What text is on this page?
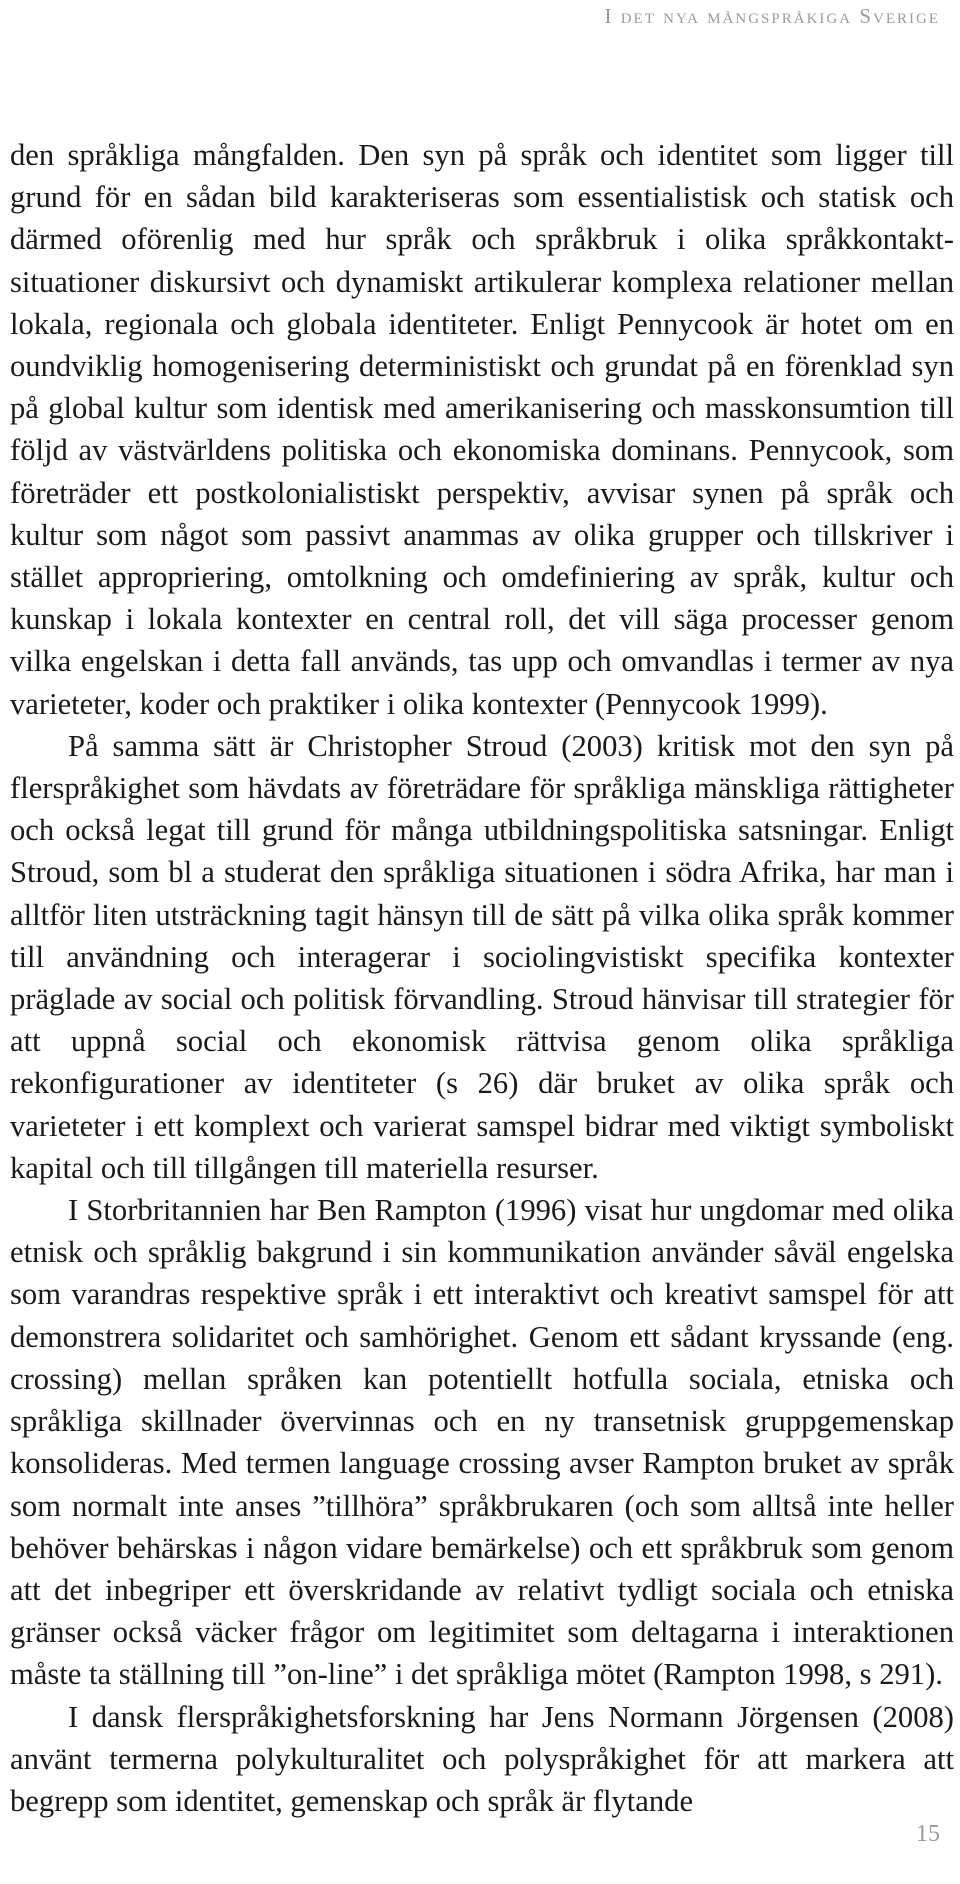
I det nya mångspråkiga Sverige

den språkliga mångfalden. Den syn på språk och identitet som ligger till grund för en sådan bild karakteriseras som essentialistisk och statisk och därmed oförenlig med hur språk och språkbruk i olika språkkontaktsituationer diskursivt och dynamiskt artikulerar komplexa relationer mellan lokala, regionala och globala identiteter. Enligt Pennycook är hotet om en oundviklig homogenisering deterministiskt och grundat på en förenklad syn på global kultur som identisk med amerikanisering och masskonsumtion till följd av västvärldens politiska och ekonomiska dominans. Pennycook, som företräder ett postkolonialistiskt perspektiv, avvisar synen på språk och kultur som något som passivt anammas av olika grupper och tillskriver i stället appropriering, omtolkning och omdefiniering av språk, kultur och kunskap i lokala kontexter en central roll, det vill säga processer genom vilka engelskan i detta fall används, tas upp och omvandlas i termer av nya varieteter, koder och praktiker i olika kontexter (Pennycook 1999).

På samma sätt är Christopher Stroud (2003) kritisk mot den syn på flerspråkighet som hävdats av företrädare för språkliga mänskliga rättigheter och också legat till grund för många utbildningspolitiska satsningar. Enligt Stroud, som bl a studerat den språkliga situationen i södra Afrika, har man i alltför liten utsträckning tagit hänsyn till de sätt på vilka olika språk kommer till användning och interagerar i sociolingvistiskt specifika kontexter präglade av social och politisk förvandling. Stroud hänvisar till strategier för att uppnå social och ekonomisk rättvisa genom olika språkliga rekonfigurationer av identiteter (s 26) där bruket av olika språk och varieteter i ett komplext och varierat samspel bidrar med viktigt symboliskt kapital och till tillgången till materiella resurser.

I Storbritannien har Ben Rampton (1996) visat hur ungdomar med olika etnisk och språklig bakgrund i sin kommunikation använder såväl engelska som varandras respektive språk i ett interaktivt och kreativt samspel för att demonstrera solidaritet och samhörighet. Genom ett sådant kryssande (eng. crossing) mellan språken kan potentiellt hotfulla sociala, etniska och språkliga skillnader övervinnas och en ny transetnisk gruppgemenskap konsolideras. Med termen language crossing avser Rampton bruket av språk som normalt inte anses ”tillhöra” språkbrukaren (och som alltså inte heller behöver behärskas i någon vidare bemärkelse) och ett språkbruk som genom att det inbegriper ett överskridande av relativt tydligt sociala och etniska gränser också väcker frågor om legitimitet som deltagarna i interaktionen måste ta ställning till ”on-line” i det språkliga mötet (Rampton 1998, s 291).

I dansk flerspråkighetsforskning har Jens Normann Jörgensen (2008) använt termerna polykulturalitet och polyspråkighet för att markera att begrepp som identitet, gemenskap och språk är flytande

15
